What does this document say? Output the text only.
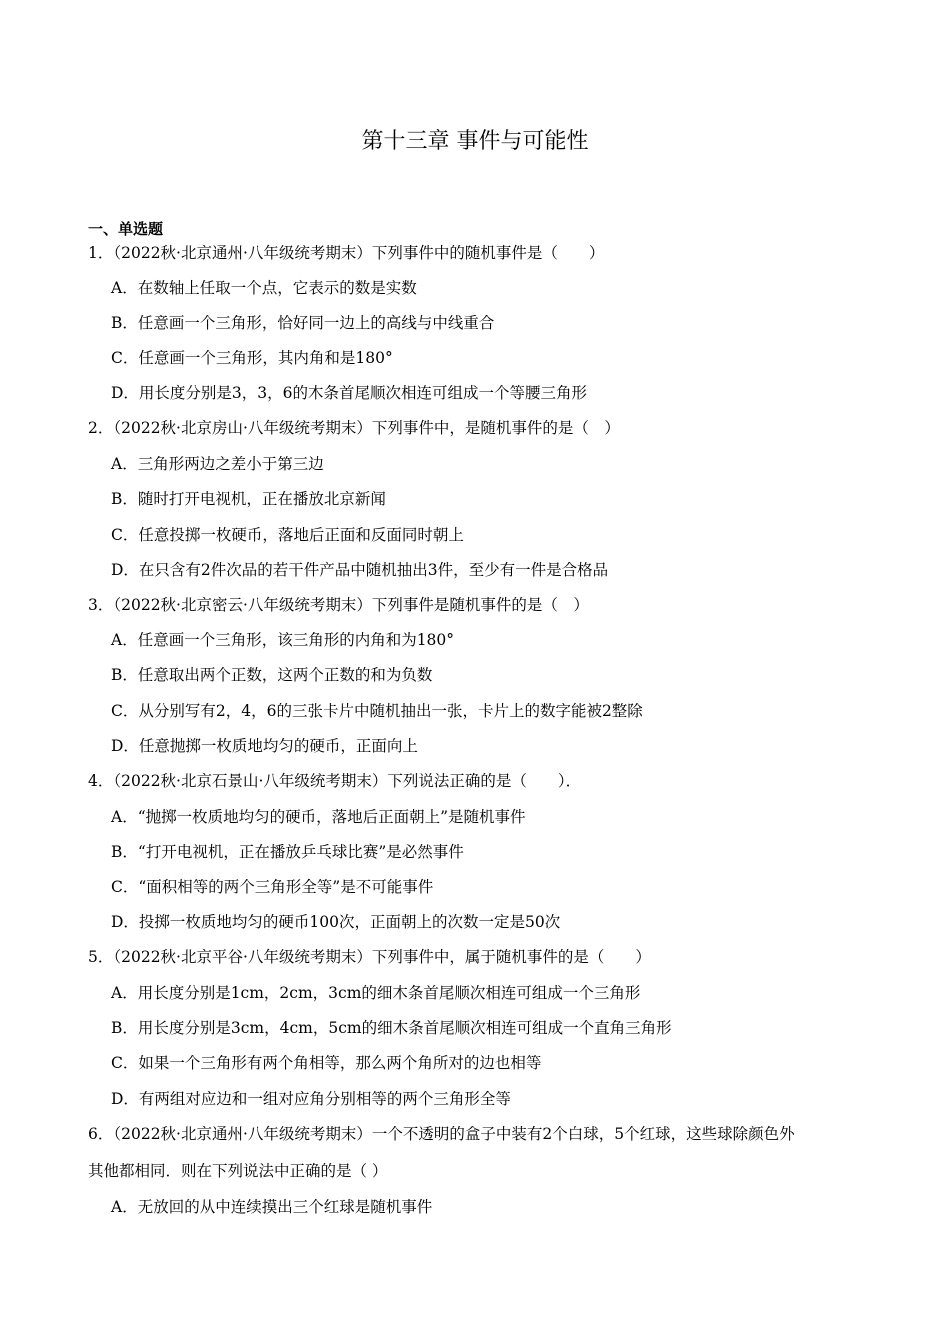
第十三章 事件与可能性
一、单选题
1．（2022秋·北京通州·八年级统考期末）下列事件中的随机事件是（　　）
A．在数轴上任取一个点，它表示的数是实数
B．任意画一个三角形，恰好同一边上的高线与中线重合
C．任意画一个三角形，其内角和是180°
D．用长度分别是3，3，6的木条首尾顺次相连可组成一个等腰三角形
2．（2022秋·北京房山·八年级统考期末）下列事件中，是随机事件的是（　）
A．三角形两边之差小于第三边
B．随时打开电视机，正在播放北京新闻
C．任意投掷一枚硬币，落地后正面和反面同时朝上
D．在只含有2件次品的若干件产品中随机抽出3件，至少有一件是合格品
3．（2022秋·北京密云·八年级统考期末）下列事件是随机事件的是（　）
A．任意画一个三角形，该三角形的内角和为180°
B．任意取出两个正数，这两个正数的和为负数
C．从分别写有2，4，6的三张卡片中随机抽出一张，卡片上的数字能被2整除
D．任意抛掷一枚质地均匀的硬币，正面向上
4．（2022秋·北京石景山·八年级统考期末）下列说法正确的是（　　）．
A．“抛掷一枚质地均匀的硬币，落地后正面朝上”是随机事件
B．“打开电视机，正在播放乒乓球比赛”是必然事件
C．“面积相等的两个三角形全等”是不可能事件
D．投掷一枚质地均匀的硬币100次，正面朝上的次数一定是50次
5．（2022秋·北京平谷·八年级统考期末）下列事件中，属于随机事件的是（　　）
A．用长度分别是1cm，2cm，3cm的细木条首尾顺次相连可组成一个三角形
B．用长度分别是3cm，4cm，5cm的细木条首尾顺次相连可组成一个直角三角形
C．如果一个三角形有两个角相等，那么两个角所对的边也相等
D．有两组对应边和一组对应角分别相等的两个三角形全等
6．（2022秋·北京通州·八年级统考期末）一个不透明的盒子中装有2个白球，5个红球，这些球除颜色外
其他都相同．则在下列说法中正确的是（ ）
A．无放回的从中连续摸出三个红球是随机事件
